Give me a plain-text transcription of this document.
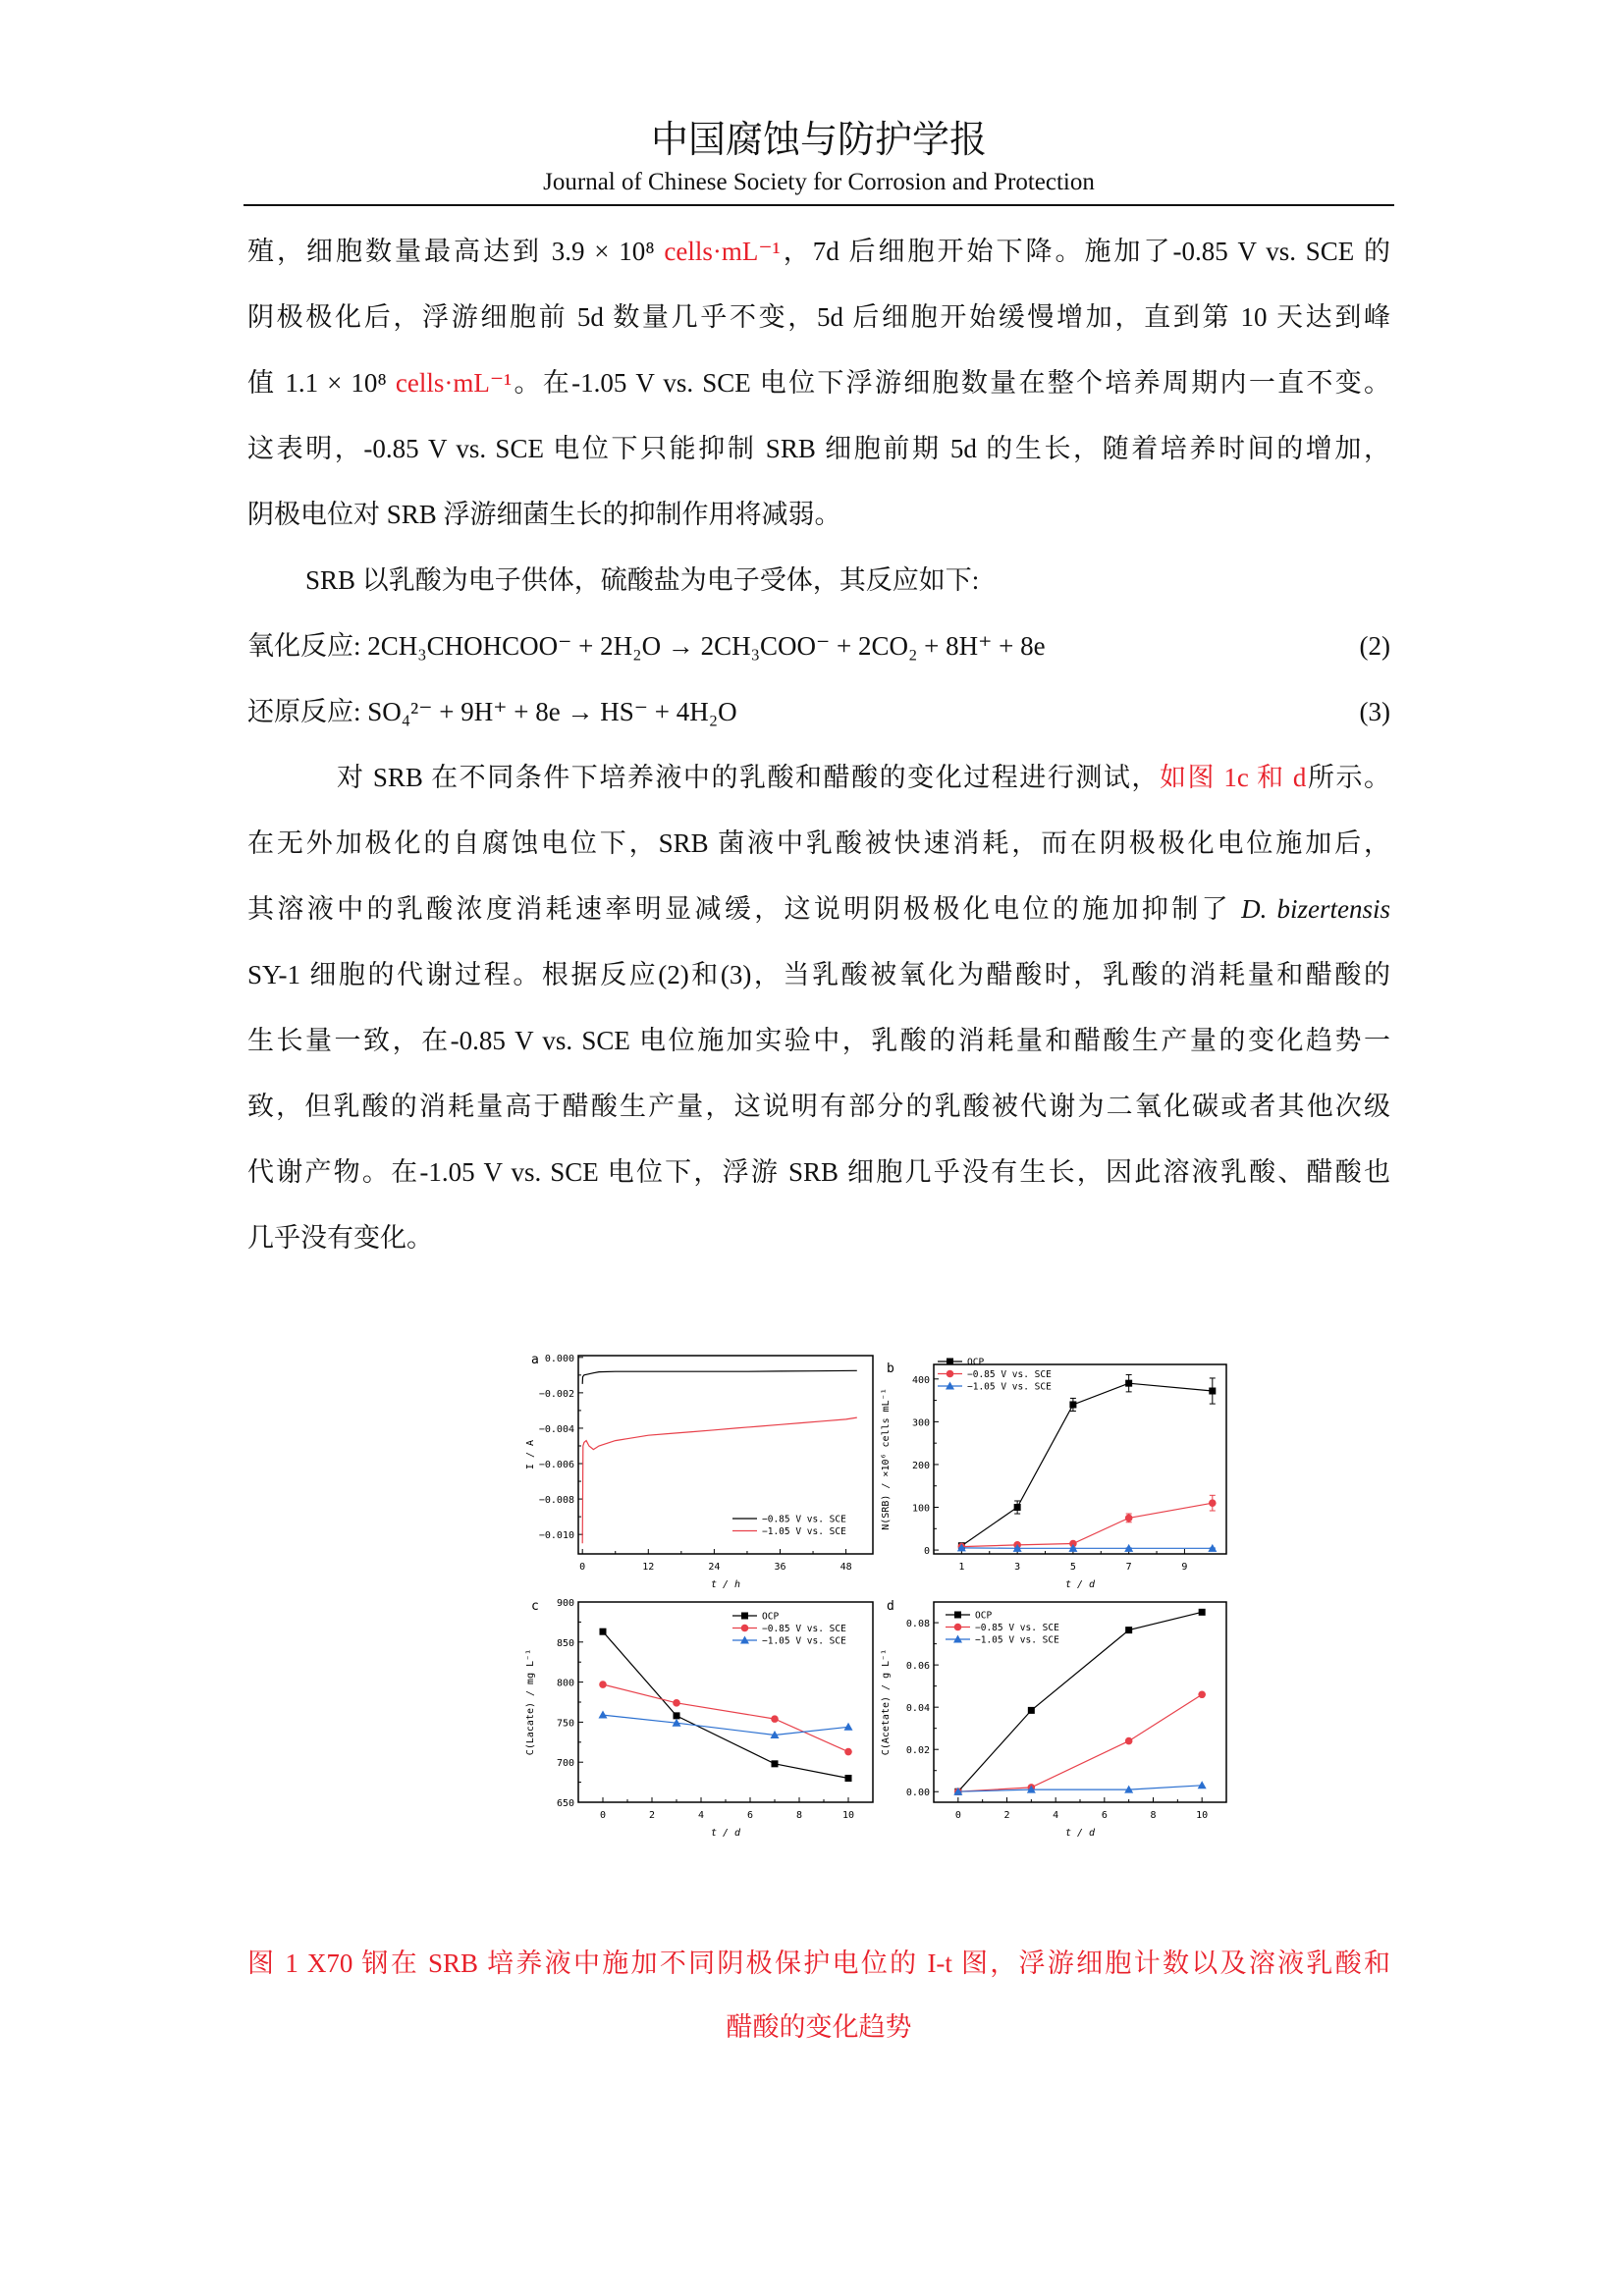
中国腐蚀与防护学报
Journal of Chinese Society for Corrosion and Protection
殖，细胞数量最高达到 3.9 × 10⁸ cells·mL⁻¹，7d 后细胞开始下降。施加了-0.85 V vs. SCE 的
阴极极化后，浮游细胞前 5d 数量几乎不变，5d 后细胞开始缓慢增加，直到第 10 天达到峰
值 1.1 × 10⁸ cells·mL⁻¹。在-1.05 V vs. SCE 电位下浮游细胞数量在整个培养周期内一直不变。
这表明，-0.85 V vs. SCE 电位下只能抑制 SRB 细胞前期 5d 的生长，随着培养时间的增加，
阴极电位对 SRB 浮游细菌生长的抑制作用将减弱。
SRB 以乳酸为电子供体，硫酸盐为电子受体，其反应如下:
氧化反应: 2CH₃CHOHCOO⁻ + 2H₂O → 2CH₃COO⁻ + 2CO₂ + 8H⁺ + 8e	(2)
还原反应: SO₄²⁻ + 9H⁺ + 8e → HS⁻ + 4H₂O	(3)
对 SRB 在不同条件下培养液中的乳酸和醋酸的变化过程进行测试，如图 1c 和 d所示。
在无外加极化的自腐蚀电位下，SRB 菌液中乳酸被快速消耗，而在阴极极化电位施加后，
其溶液中的乳酸浓度消耗速率明显减缓，这说明阴极极化电位的施加抑制了 D. bizertensis
SY-1 细胞的代谢过程。根据反应(2)和(3)，当乳酸被氧化为醋酸时，乳酸的消耗量和醋酸的
生长量一致，在-0.85 V vs. SCE 电位施加实验中，乳酸的消耗量和醋酸生产量的变化趋势一
致，但乳酸的消耗量高于醋酸生产量，这说明有部分的乳酸被代谢为二氧化碳或者其他次级
代谢产物。在-1.05 V vs. SCE 电位下，浮游 SRB 细胞几乎没有生长，因此溶液乳酸、醋酸也
几乎没有变化。
0	12	24	36	48
0.000
−0.002
−0.004
−0.006
−0.008
−0.010
t / h
I / A
a
−0.85 V vs. SCE
−1.05 V vs. SCE
1	3	5	7	9
0
100
200
300
400
t / d
N(SRB) / ×10⁶ cells mL⁻¹
b	OCP
−0.85 V vs. SCE
−1.05 V vs. SCE
0	2	4	6	8	10
650
700
750
800
850
900
t / d
C(Lacate) / mg L⁻¹
c
OCP
−0.85 V vs. SCE
−1.05 V vs. SCE
0	2	4	6	8	10
0.00
0.02
0.04
0.06
0.08
t / d
C(Acetate) / g L⁻¹
d
OCP
−0.85 V vs. SCE
−1.05 V vs. SCE
图 1 X70 钢在 SRB 培养液中施加不同阴极保护电位的 I-t 图，浮游细胞计数以及溶液乳酸和
醋酸的变化趋势
